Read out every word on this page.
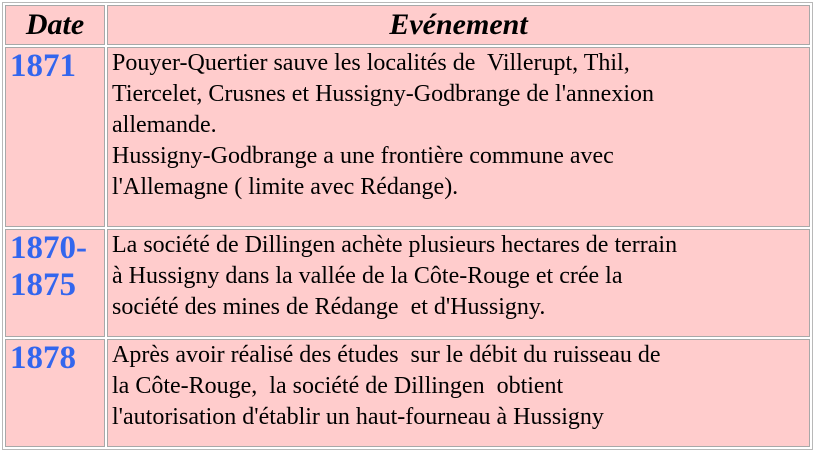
Date	Evénement

1871	Pouyer-Quertier sauve les localités de  Villerupt, Thil,
Tiercelet, Crusnes et Hussigny-Godbrange de l'annexion
allemande.
Hussigny-Godbrange a une frontière commune avec
l'Allemagne ( limite avec Rédange).

1870-
1875	La société de Dillingen achète plusieurs hectares de terrain
à Hussigny dans la vallée de la Côte-Rouge et crée la
société des mines de Rédange  et d'Hussigny.

1878	Après avoir réalisé des études  sur le débit du ruisseau de
la Côte-Rouge,  la société de Dillingen  obtient
l'autorisation d'établir un haut-fourneau à Hussigny
